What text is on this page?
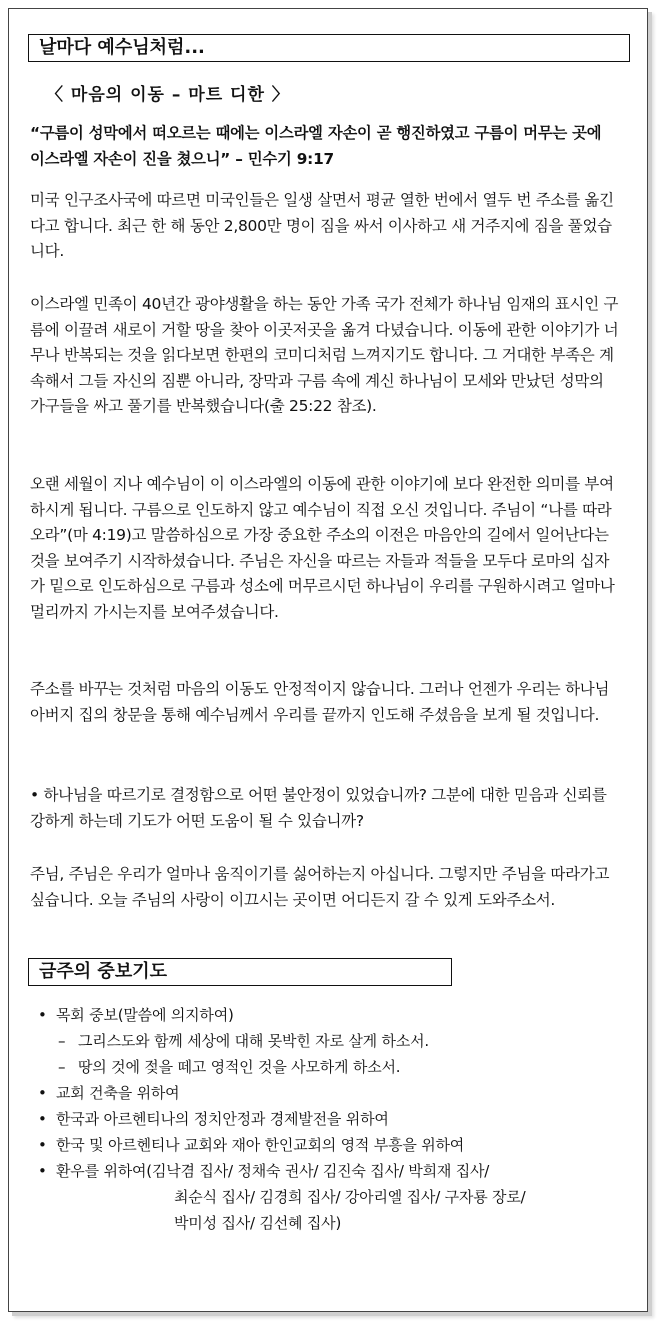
날마다 예수님처럼...
〈 마음의 이동 – 마트 디한 〉
“구름이 성막에서 떠오르는 때에는 이스라엘 자손이 곧 행진하였고 구름이 머무는 곳에 이스라엘 자손이 진을 쳤으니” – 민수기 9:17
미국 인구조사국에 따르면 미국인들은 일생 살면서 평균 열한 번에서 열두 번 주소를 옮긴다고 합니다. 최근 한 해 동안 2,800만 명이 짐을 싸서 이사하고 새 거주지에 짐을 풀었습니다.
이스라엘 민족이 40년간 광야생활을 하는 동안 가족 국가 전체가 하나님 임재의 표시인 구름에 이끌려 새로이 거할 땅을 찾아 이곳저곳을 옮겨 다녔습니다. 이동에 관한 이야기가 너무나 반복되는 것을 읽다보면 한편의 코미디처럼 느껴지기도 합니다. 그 거대한 부족은 계속해서 그들 자신의 짐뿐 아니라, 장막과 구름 속에 계신 하나님이 모세와 만났던 성막의 가구들을 싸고 풀기를 반복했습니다(출 25:22 참조).
오랜 세월이 지나 예수님이 이 이스라엘의 이동에 관한 이야기에 보다 완전한 의미를 부여하시게 됩니다. 구름으로 인도하지 않고 예수님이 직접 오신 것입니다. 주님이 “나를 따라오라”(마 4:19)고 말씀하심으로 가장 중요한 주소의 이전은 마음안의 길에서 일어난다는 것을 보여주기 시작하셨습니다. 주님은 자신을 따르는 자들과 적들을 모두다 로마의 십자가 밑으로 인도하심으로 구름과 성소에 머무르시던 하나님이 우리를 구원하시려고 얼마나 멀리까지 가시는지를 보여주셨습니다.
주소를 바꾸는 것처럼 마음의 이동도 안정적이지 않습니다. 그러나 언젠가 우리는 하나님 아버지 집의 창문을 통해 예수님께서 우리를 끝까지 인도해 주셨음을 보게 될 것입니다.
• 하나님을 따르기로 결정함으로 어떤 불안정이 있었습니까? 그분에 대한 믿음과 신뢰를 강하게 하는데 기도가 어떤 도움이 될 수 있습니까?
주님, 주님은 우리가 얼마나 움직이기를 싫어하는지 아십니다. 그렇지만 주님을 따라가고 싶습니다. 오늘 주님의 사랑이 이끄시는 곳이면 어디든지 갈 수 있게 도와주소서.
금주의 중보기도
• 목회 중보(말씀에 의지하여)
– 그리스도와 함께 세상에 대해 못박힌 자로 살게 하소서.
– 땅의 것에 젖을 떼고 영적인 것을 사모하게 하소서.
• 교회 건축을 위하여
• 한국과 아르헨티나의 정치안정과 경제발전을 위하여
• 한국 및 아르헨티나 교회와 재아 한인교회의 영적 부흥을 위하여
• 환우를 위하여(김낙겸 집사/ 정채숙 권사/ 김진숙 집사/ 박희재 집사/
최순식 집사/ 김경희 집사/ 강아리엘 집사/ 구자룡 장로/
박미성 집사/ 김선혜 집사)
